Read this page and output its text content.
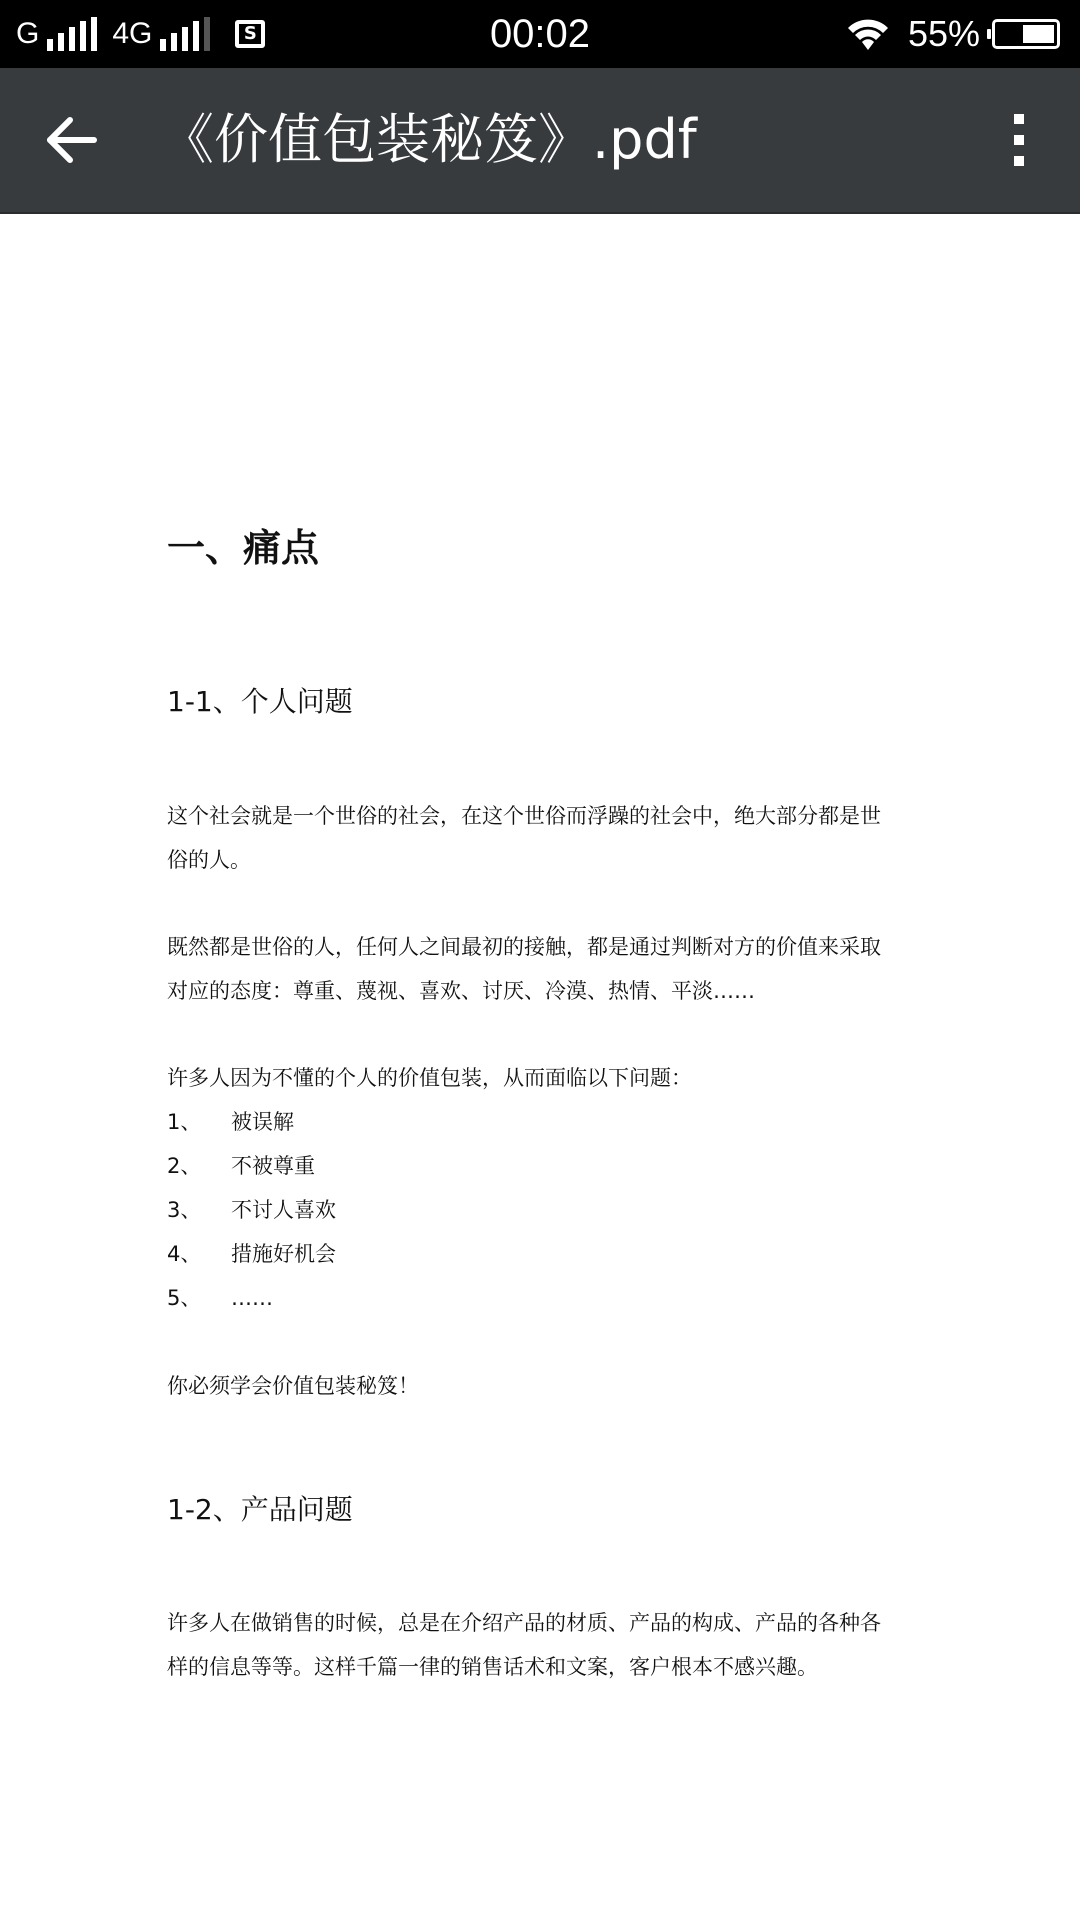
G 4G	S	00:02	55%
《价值包装秘笈》.pdf
一、痛点
1-1、个人问题
这个社会就是一个世俗的社会，在这个世俗而浮躁的社会中，绝大部分都是世
俗的人。
既然都是世俗的人，任何人之间最初的接触，都是通过判断对方的价值来采取
对应的态度：尊重、蔑视、喜欢、讨厌、冷漠、热情、平淡……
许多人因为不懂的个人的价值包装，从而面临以下问题：
1、 被误解
2、 不被尊重
3、 不讨人喜欢
4、 措施好机会
5、 ……
你必须学会价值包装秘笈！
1-2、产品问题
许多人在做销售的时候，总是在介绍产品的材质、产品的构成、产品的各种各
样的信息等等。这样千篇一律的销售话术和文案，客户根本不感兴趣。
